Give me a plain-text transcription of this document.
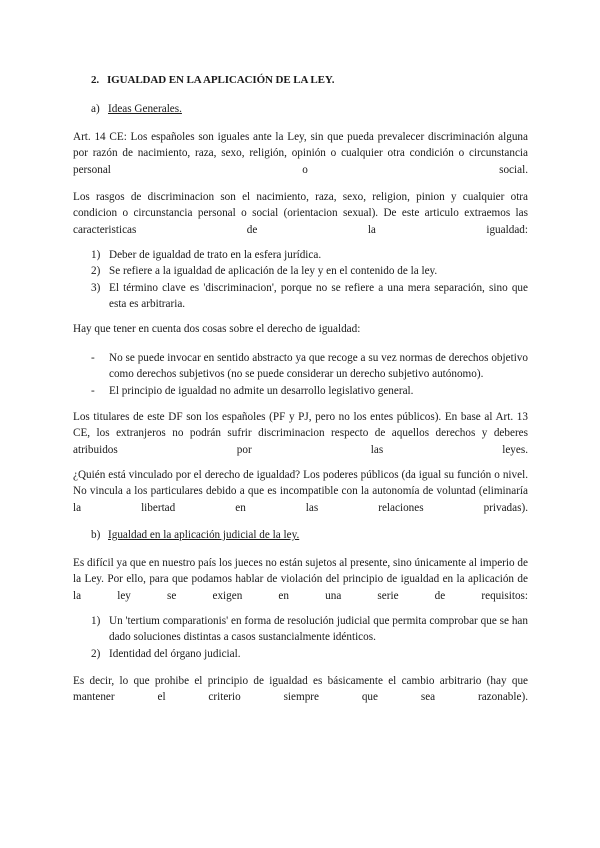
2. IGUALDAD EN LA APLICACIÓN DE LA LEY.
a) Ideas Generales.

Art. 14 CE: Los españoles son iguales ante la Ley, sin que pueda prevalecer discriminación alguna por razón de nacimiento, raza, sexo, religión, opinión o cualquier otra condición o circunstancia personal o social.

Los rasgos de discriminacion son el nacimiento, raza, sexo, religion, pinion y cualquier otra condicion o circunstancia personal o social (orientacion sexual). De este articulo extraemos las caracteristicas de la igualdad:

1) Deber de igualdad de trato en la esfera jurídica.
2) Se refiere a la igualdad de aplicación de la ley y en el contenido de la ley.
3) El término clave es 'discriminacion', porque no se refiere a una mera separación, sino que esta es arbitraria.

Hay que tener en cuenta dos cosas sobre el derecho de igualdad:

- No se puede invocar en sentido abstracto ya que recoge a su vez normas de derechos objetivo como derechos subjetivos (no se puede considerar un derecho subjetivo autónomo).
- El principio de igualdad no admite un desarrollo legislativo general.

Los titulares de este DF son los españoles (PF y PJ, pero no los entes públicos). En base al Art. 13 CE, los extranjeros no podrán sufrir discriminacion respecto de aquellos derechos y deberes atribuidos por las leyes.

¿Quién está vinculado por el derecho de igualdad? Los poderes públicos (da igual su función o nivel. No vincula a los particulares debido a que es incompatible con la autonomía de voluntad (eliminaría la libertad en las relaciones privadas).

b) Igualdad en la aplicación judicial de la ley.

Es difícil ya que en nuestro país los jueces no están sujetos al presente, sino únicamente al imperio de la Ley. Por ello, para que podamos hablar de violación del principio de igualdad en la aplicación de la ley se exigen en una serie de requisitos:

1) Un 'tertium comparationis' en forma de resolución judicial que permita comprobar que se han dado soluciones distintas a casos sustancialmente idénticos.
2) Identidad del órgano judicial.

Es decir, lo que prohibe el principio de igualdad es básicamente el cambio arbitrario (hay que mantener el criterio siempre que sea razonable).
